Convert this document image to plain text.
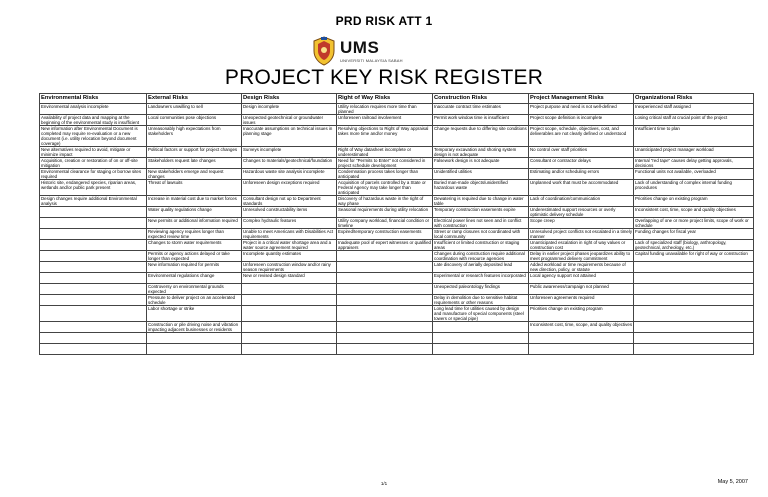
PRD RISK ATT 1
UMS
UNIVERSITI MALAYSIA SABAH
PROJECT KEY RISK REGISTER
Environmental Risks	External Risks	Design Risks	Right of Way Risks	Construction Risks	Project Management Risks	Organizational Risks
Environmental analysis incomplete	Landowners unwilling to sell	Design incomplete	Utility relocation requires more time than planned	Inaccurate contract time estimates	Project purpose and need is not well-defined	Inexperienced staff assigned
Availability of project data and mapping at the beginning of the environmental study is insufficient	Local communities pose objections	Unexpected geotechnical or groundwater issues	Unforeseen railroad involvement	Permit work window time is insufficient	Project scope definition is incomplete	Losing critical staff at crucial point of the project
New information after Environmental Document is completed may require re-evaluation or a new document (i.e. utility relocation beyond document coverage)	Unreasonably high expectations from stakeholders	Inaccurate assumptions on technical issues in planning stage	Resolving objections to Right of Way appraisal takes more time and/or money	Change requests due to differing site conditions	Project scope, schedule, objectives, cost, and deliverables are not clearly defined or understood	Insufficient time to plan
New alternatives required to avoid, mitigate or minimize impact	Political factors or support for project changes	Surveys incomplete	Right of Way datasheet incomplete or underestimated	Temporary excavation and shoring system design is not adequate	No control over staff priorities	Unanticipated project manager workload
Acquisition, creation or restoration of on or off-site mitigation	Stakeholders request late changes	Changes to materials/geotechnical/foundation	Need for "Permits to Enter" not considered in project schedule development	Falsework design is not adequate	Consultant or contractor delays	Internal "red tape" causes delay getting approvals, decisions
Environmental clearance for staging or borrow sites required	New stakeholders emerge and request changes	Hazardous waste site analysis incomplete	Condemnation process takes longer than anticipated	Unidentified utilities	Estimating and/or scheduling errors	Functional units not available, overloaded
Historic site, endangered species, riparian areas, wetlands and/or public park present	Threat of lawsuits	Unforeseen design exceptions required	Acquisition of parcels controlled by a State or Federal Agency may take longer than anticipated	Buried man-made objects/unidentified hazardous waste	Unplanned work that must be accommodated	Lack of understanding of complex internal funding procedures
Design changes require additional Environmental analysis	Increase in material cost due to market forces	Consultant design not up to Department standards	Discovery of hazardous waste in the right of way phase	Dewatering is required due to change in water table	Lack of coordination/communication	Priorities change on existing program
	Water quality regulations change	Unresolved constructability items	Seasonal requirements during utility relocation	Temporary construction easements expire	Underestimated support resources or overly optimistic delivery schedule	Inconsistent cost, time, scope and quality objectives
	New permits or additional information required	Complex hydraulic features	Utility company workload, financial condition or timeline	Electrical power lines not seen and in conflict with construction	Scope creep	Overlapping of one or more project limits, scope of work or schedule
	Reviewing agency requires longer than expected review time	Unable to meet Americans with Disabilities Act requirements	Expired/temporary construction easements	Street or ramp closures not coordinated with local community	Unresolved project conflicts not escalated in a timely manner	Funding changes for fiscal year
	Changes to storm water requirements	Project in a critical water shortage area and a water source agreement required	Inadequate pool of expert witnesses or qualified appraisers	Insufficient or limited construction or staging areas	Unanticipated escalation in right of way values or construction cost	Lack of specialized staff (biology, anthropology, geotechnical, archeology, etc.)
	Permits or agency actions delayed or take longer than expected	Incomplete quantity estimates		Changes during construction require additional coordination with resource agencies	Delay in earlier project phases jeopardizes ability to meet programmed delivery commitment	Capital funding unavailable for right of way or construction
	New information required for permits	Unforeseen construction window and/or rainy season requirements		Late discovery of aerially deposited lead	Added workload or time requirements because of new direction, policy, or statute	
	Environmental regulations change	New or revised design standard		Experimental or research features incorporated	Local agency support not attained	
	Controversy on environmental grounds expected			Unexpected paleontology findings	Public awareness/campaign not planned	
	Pressure to deliver project on an accelerated schedule			Delay in demolition due to sensitive habitat requirements or other reasons	Unforeseen agreements required	
	Labor shortage or strike			Long lead time for utilities caused by design and manufacture of special components (steel towers or special pipe)	Priorities change on existing program	
	Construction or pile driving noise and vibration impacting adjacent businesses or residents				Inconsistent cost, time, scope, and quality objectives	

1/1	May 5, 2007
